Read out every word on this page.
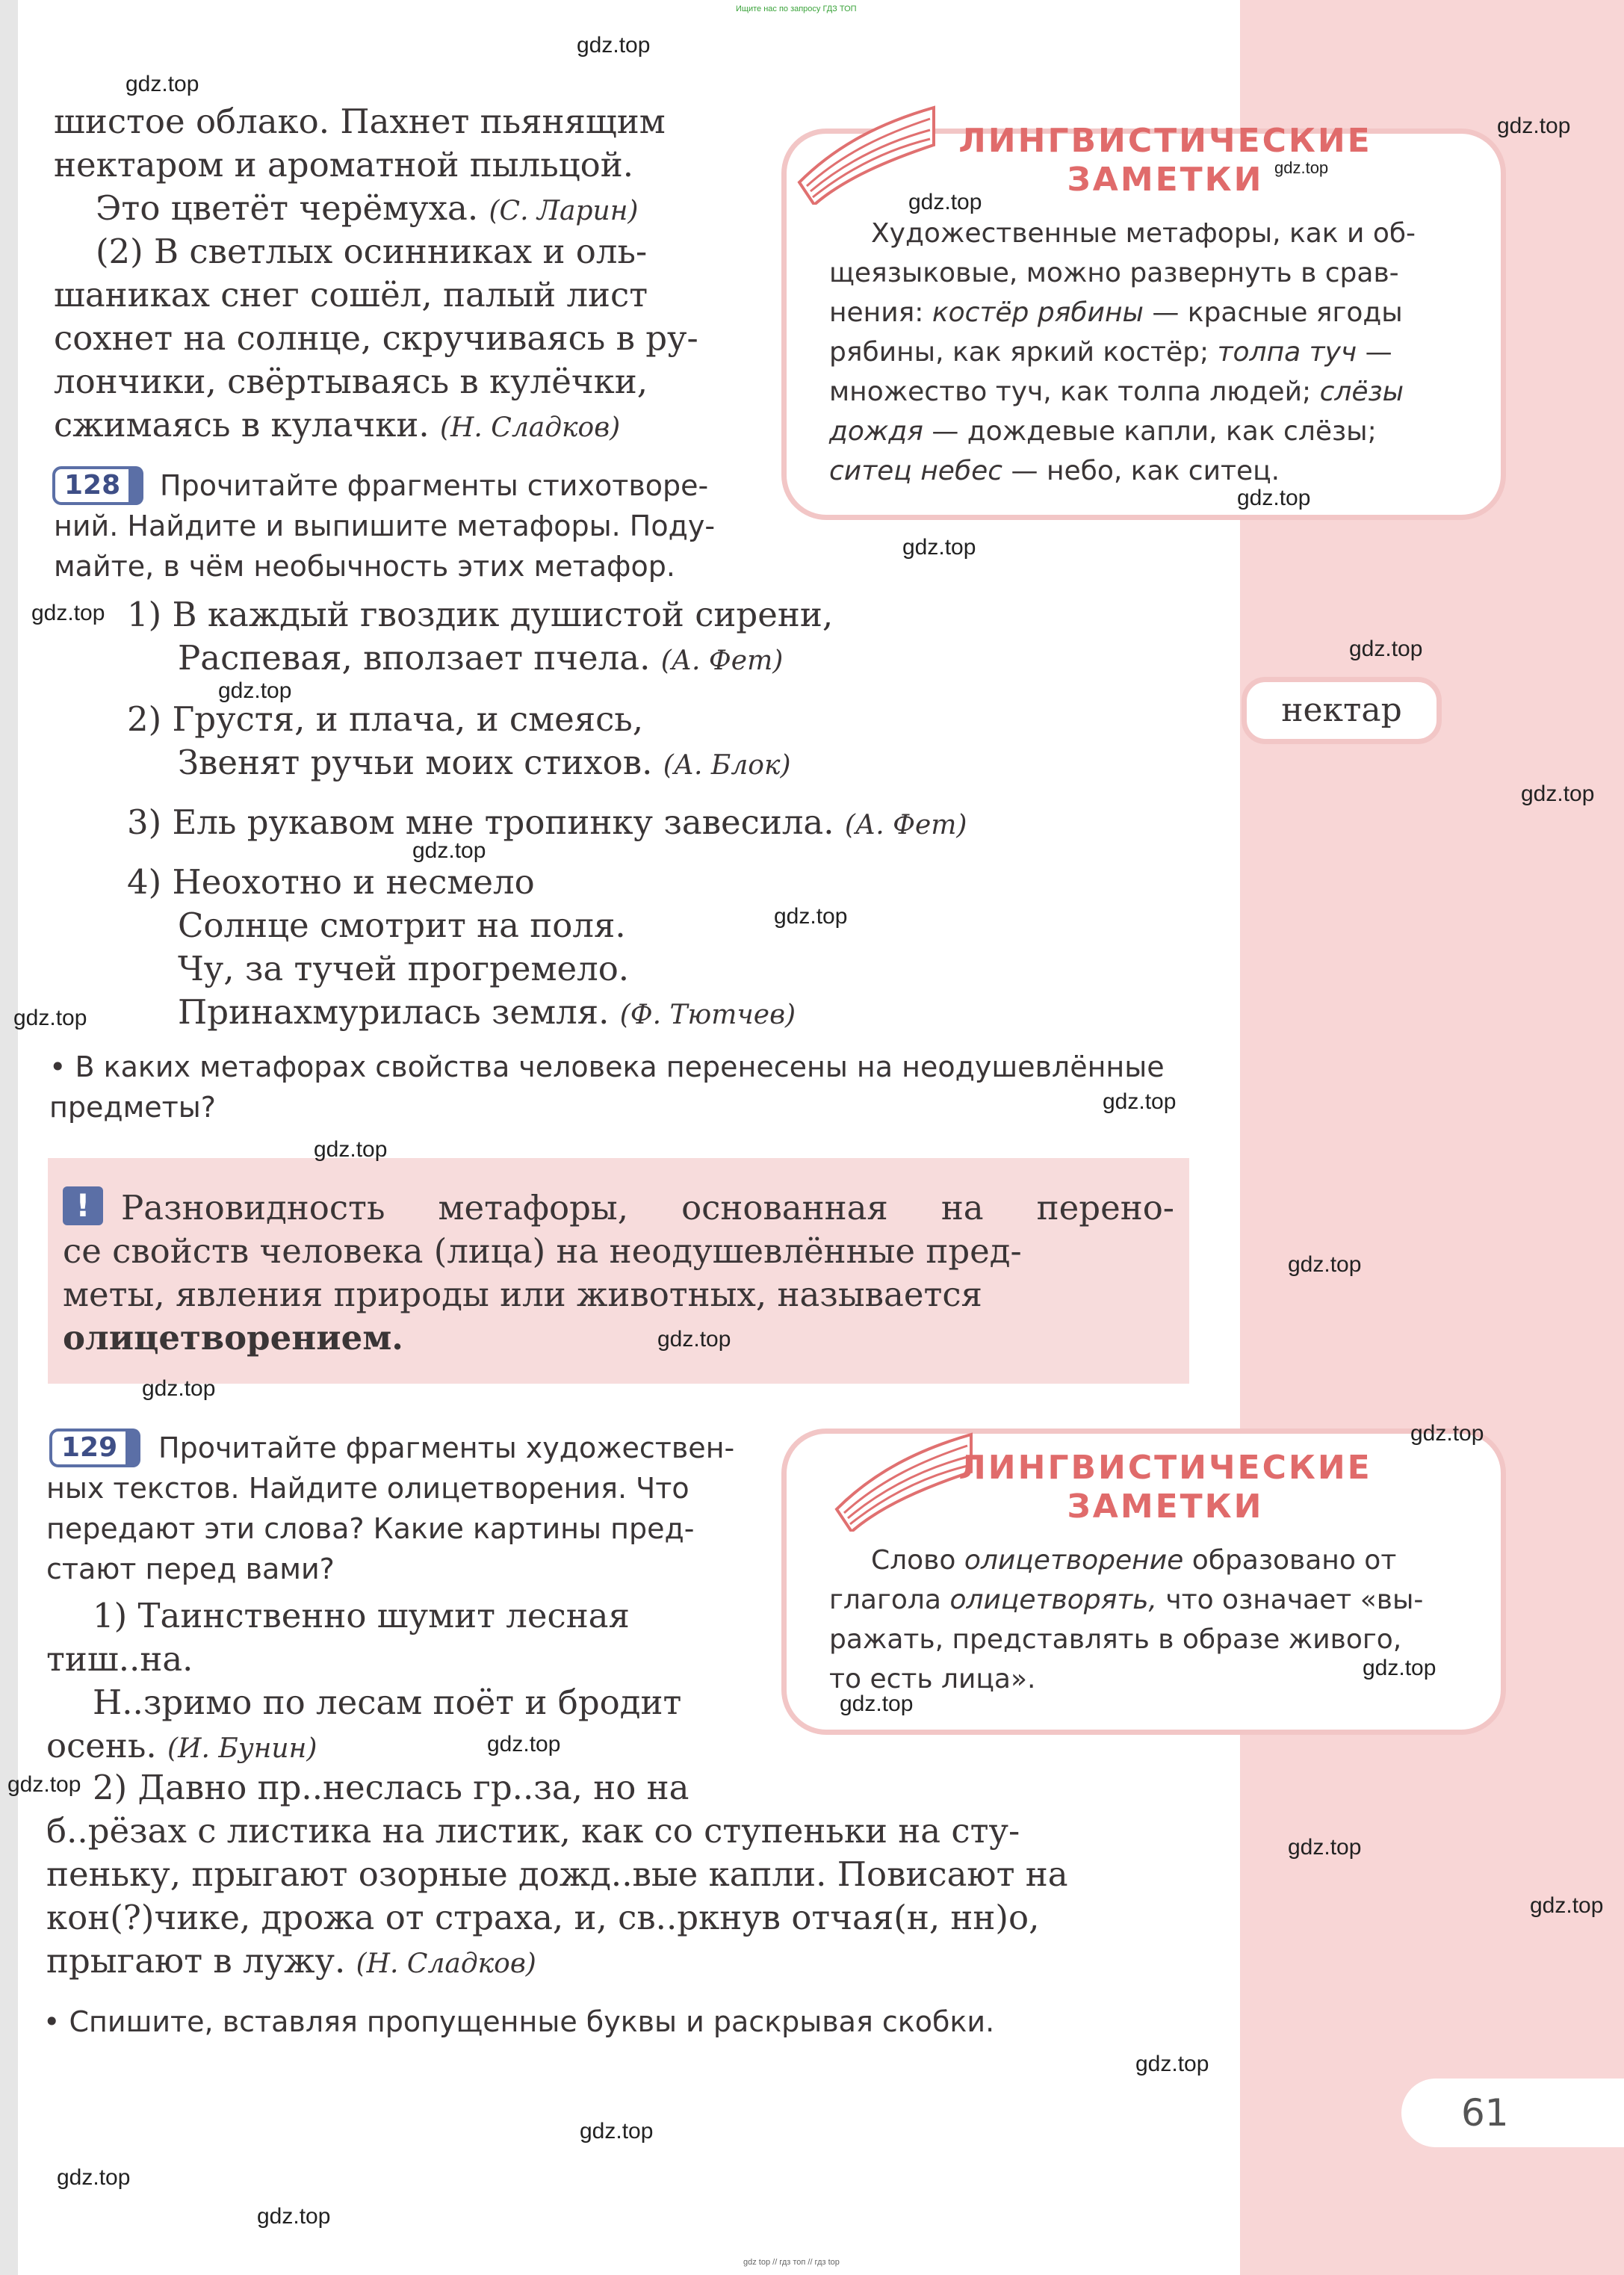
Ищите нас по запросу ГДЗ ТОП
шистое облако. Пахнет пьянящим
нектаром и ароматной пыльцой.
Это цветёт черёмуха. (С. Ларин)
(2) В светлых осинниках и оль-
шаниках снег сошёл, палый лист
сохнет на солнце, скручиваясь в ру-
лончики, свёртываясь в кулёчки,
сжимаясь в кулачки. (Н. Сладков)
128	Прочитайте фрагменты стихотворе-
ний. Найдите и выпишите метафоры. Поду-
майте, в чём необычность этих метафор.
1) В каждый гвоздик душистой сирени,
Распевая, вползает пчела. (А. Фет)
2) Грустя, и плача, и смеясь,
Звенят ручьи моих стихов. (А. Блок)
3) Ель рукавом мне тропинку завесила. (А. Фет)
4) Неохотно и несмело
Солнце смотрит на поля.
Чу, за тучей прогремело.
Принахмурилась земля. (Ф. Тютчев)
• В каких метафорах свойства человека перенесены на неодушевлённые
предметы?
! Разновидность метафоры, основанная на перено-
се свойств человека (лица) на неодушевлённые пред-
меты, явления природы или животных, называется
олицетворением.
ЛИНГВИСТИЧЕСКИЕ
ЗАМЕТКИ
Художественные метафоры, как и об-
щеязыковые, можно развернуть в срав-
нения: костёр рябины — красные ягоды
рябины, как яркий костёр; толпа туч —
множество туч, как толпа людей; слёзы
дождя — дождевые капли, как слёзы;
ситец небес — небо, как ситец.
нектар
129	Прочитайте фрагменты художествен-
ных текстов. Найдите олицетворения. Что
передают эти слова? Какие картины пред-
стают перед вами?
1) Таинственно шумит лесная
тиш..на.
Н..зримо по лесам поёт и бродит
осень. (И. Бунин)
2) Давно пр..неслась гр..за, но на
б..рёзах с листика на листик, как со ступеньки на сту-
пеньку, прыгают озорные дожд..вые капли. Повисают на
кон(?)чике, дрожа от страха, и, св..ркнув отчая(н, нн)о,
прыгают в лужу. (Н. Сладков)
• Спишите, вставляя пропущенные буквы и раскрывая скобки.
ЛИНГВИСТИЧЕСКИЕ
ЗАМЕТКИ
Слово олицетворение образовано от
глагола олицетворять, что означает «вы-
ражать, представлять в образе живого,
то есть лица».
61
gdz top // гдз топ // гдз top
gdz.top
gdz.top
gdz.top
gdz.top
gdz.top
gdz.top
gdz.top
gdz.top
gdz.top
gdz.top
gdz.top
gdz.top
gdz.top
gdz.top
gdz.top
gdz.top
gdz.top
gdz.top
gdz.top
gdz.top
gdz.top
gdz.top
gdz.top
gdz.top
gdz.top
gdz.top
gdz.top
gdz.top
gdz.top
gdz.top
